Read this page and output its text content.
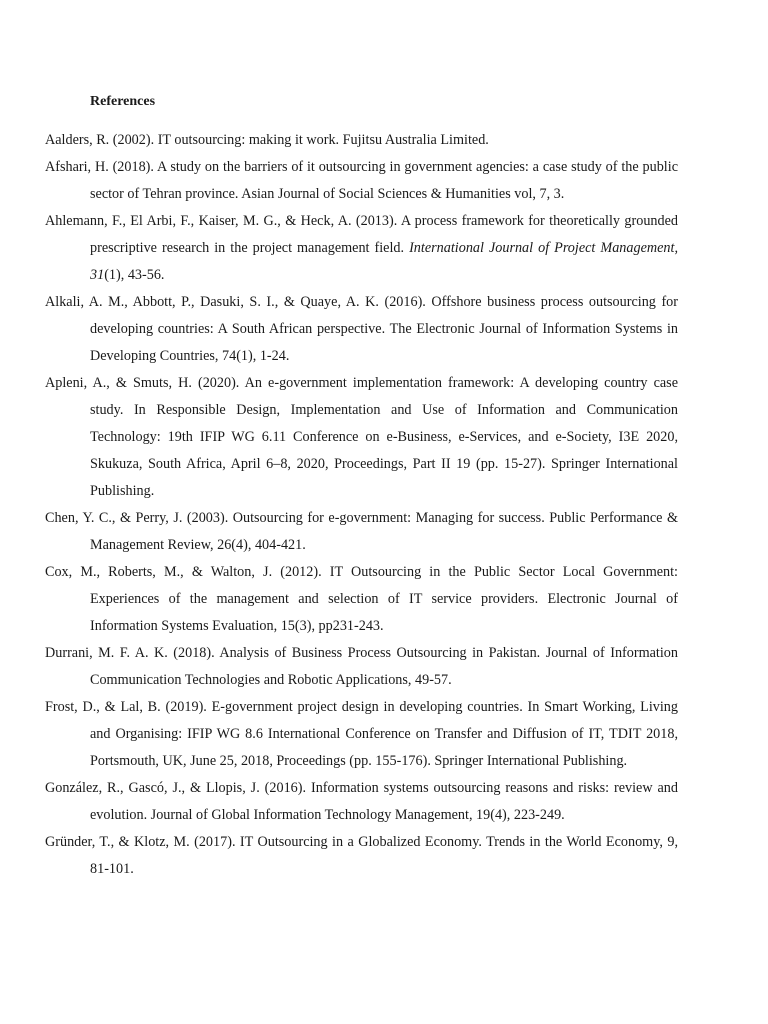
References
Aalders, R. (2002). IT outsourcing: making it work. Fujitsu Australia Limited.
Afshari, H. (2018). A study on the barriers of it outsourcing in government agencies: a case study of the public sector of Tehran province. Asian Journal of Social Sciences & Humanities vol, 7, 3.
Ahlemann, F., El Arbi, F., Kaiser, M. G., & Heck, A. (2013). A process framework for theoretically grounded prescriptive research in the project management field. International Journal of Project Management, 31(1), 43-56.
Alkali, A. M., Abbott, P., Dasuki, S. I., & Quaye, A. K. (2016). Offshore business process outsourcing for developing countries: A South African perspective. The Electronic Journal of Information Systems in Developing Countries, 74(1), 1-24.
Apleni, A., & Smuts, H. (2020). An e-government implementation framework: A developing country case study. In Responsible Design, Implementation and Use of Information and Communication Technology: 19th IFIP WG 6.11 Conference on e-Business, e-Services, and e-Society, I3E 2020, Skukuza, South Africa, April 6–8, 2020, Proceedings, Part II 19 (pp. 15-27). Springer International Publishing.
Chen, Y. C., & Perry, J. (2003). Outsourcing for e-government: Managing for success. Public Performance & Management Review, 26(4), 404-421.
Cox, M., Roberts, M., & Walton, J. (2012). IT Outsourcing in the Public Sector Local Government: Experiences of the management and selection of IT service providers. Electronic Journal of Information Systems Evaluation, 15(3), pp231-243.
Durrani, M. F. A. K. (2018). Analysis of Business Process Outsourcing in Pakistan. Journal of Information Communication Technologies and Robotic Applications, 49-57.
Frost, D., & Lal, B. (2019). E-government project design in developing countries. In Smart Working, Living and Organising: IFIP WG 8.6 International Conference on Transfer and Diffusion of IT, TDIT 2018, Portsmouth, UK, June 25, 2018, Proceedings (pp. 155-176). Springer International Publishing.
González, R., Gascó, J., & Llopis, J. (2016). Information systems outsourcing reasons and risks: review and evolution. Journal of Global Information Technology Management, 19(4), 223-249.
Gründer, T., & Klotz, M. (2017). IT Outsourcing in a Globalized Economy. Trends in the World Economy, 9, 81-101.
